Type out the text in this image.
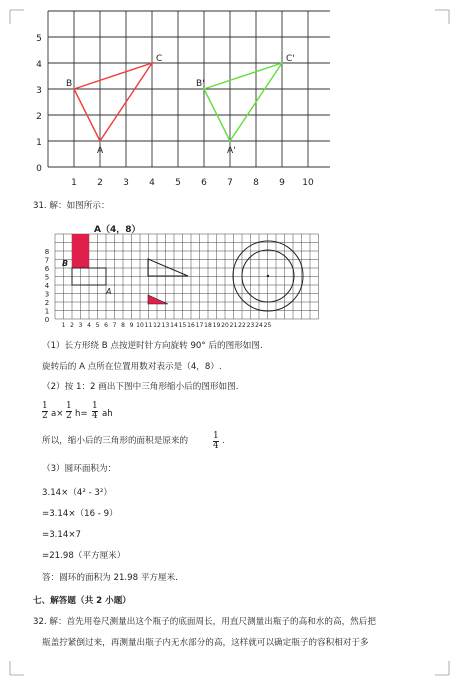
5
4
3
2
1
0
1 2 3 4 5 6 7 8 9 10
A
B
C
A'
B'
C'
31. 解：如图所示：
A（4，8）
B
A
8
7
6
5
4
3
2
1
0
1 2 3 4 5 6 7 8 9 10 11 12 13 14 15 16 17 18 19 20 21 22 23 24 25
（1）长方形绕 B 点按逆时针方向旋转 90° 后的图形如图.
旋转后的 A 点所在位置用数对表示是（4，8）.
（2）按 1：2 画出下图中三角形缩小后的图形如图.
1
2 a×
1
2 h=
1
4 ah
所以，缩小后的三角形的面积是原来的	1
4 .
（3）圆环面积为：
3.14×（4² - 3²）
=3.14×（16 - 9）
=3.14×7
=21.98（平方厘米）
答：圆环的面积为 21.98 平方厘米.
七、解答题（共 2 小题）
32. 解：首先用卷尺测量出这个瓶子的底面周长，用直尺测量出瓶子的高和水的高，然后把
瓶盖拧紧倒过来，再测量出瓶子内无水部分的高，这样就可以确定瓶子的容积相对于多
